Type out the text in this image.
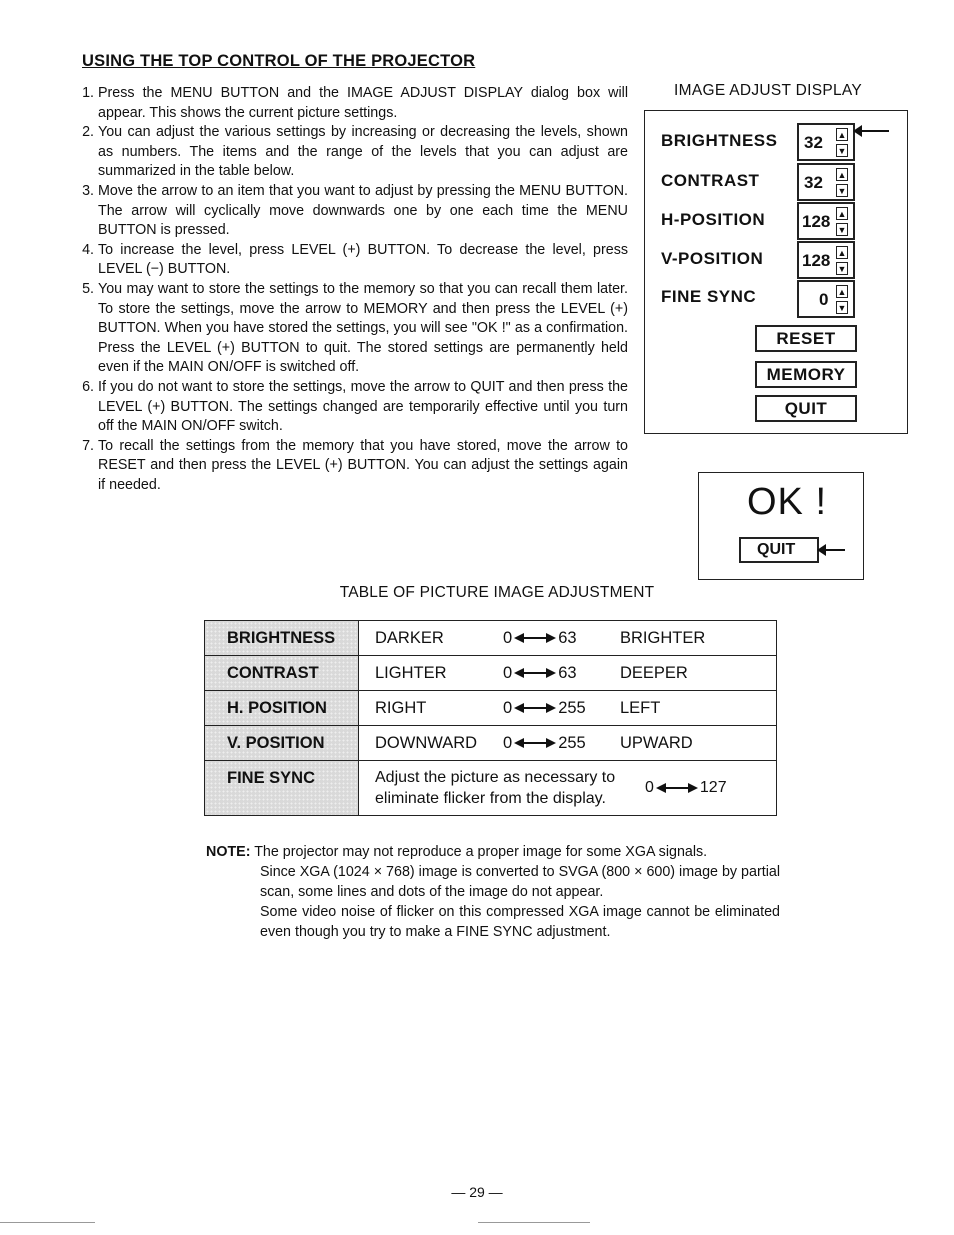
USING THE TOP CONTROL OF THE PROJECTOR
1. Press the MENU BUTTON and the IMAGE ADJUST DISPLAY dialog box will appear. This shows the current picture settings.
2. You can adjust the various settings by increasing or decreasing the levels, shown as numbers. The items and the range of the levels that you can adjust are summarized in the table below.
3. Move the arrow to an item that you want to adjust by pressing the MENU BUTTON. The arrow will cyclically move downwards one by one each time the MENU BUTTON is pressed.
4. To increase the level, press LEVEL (+) BUTTON. To decrease the level, press LEVEL (−) BUTTON.
5. You may want to store the settings to the memory so that you can recall them later. To store the settings, move the arrow to MEMORY and then press the LEVEL (+) BUTTON. When you have stored the settings, you will see "OK !" as a confirmation. Press the LEVEL (+) BUTTON to quit. The stored settings are permanently held even if the MAIN ON/OFF is switched off.
6. If you do not want to store the settings, move the arrow to QUIT and then press the LEVEL (+) BUTTON. The settings changed are temporarily effective until you turn off the MAIN ON/OFF switch.
7. To recall the settings from the memory that you have stored, move the arrow to RESET and then press the LEVEL (+) BUTTON. You can adjust the settings again if needed.
IMAGE ADJUST DISPLAY
BRIGHTNESS 32 ▲
▼
CONTRAST	32 ▲
▼
H-POSITION 128 ▲
▼
V-POSITION 128 ▲
▼
FINE SYNC	0 ▲
▼
RESET
MEMORY
QUIT
OK !
QUIT
TABLE OF PICTURE IMAGE ADJUSTMENT
BRIGHTNESS	DARKER 0 63 BRIGHTER
CONTRAST	LIGHTER 0 63 DEEPER
H. POSITION	RIGHT 0 255 LEFT
V. POSITION	DOWNWARD 0 255 UPWARD
FINE SYNC	Adjust the picture as necessary to
eliminate flicker from the display.0 127
NOTE: The projector may not reproduce a proper image for some XGA signals.
Since XGA (1024 × 768) image is converted to SVGA (800 × 600) image by partial scan, some lines and dots of the image do not appear.
Some video noise of flicker on this compressed XGA image cannot be eliminated even though you try to make a FINE SYNC adjustment.
— 29 —
